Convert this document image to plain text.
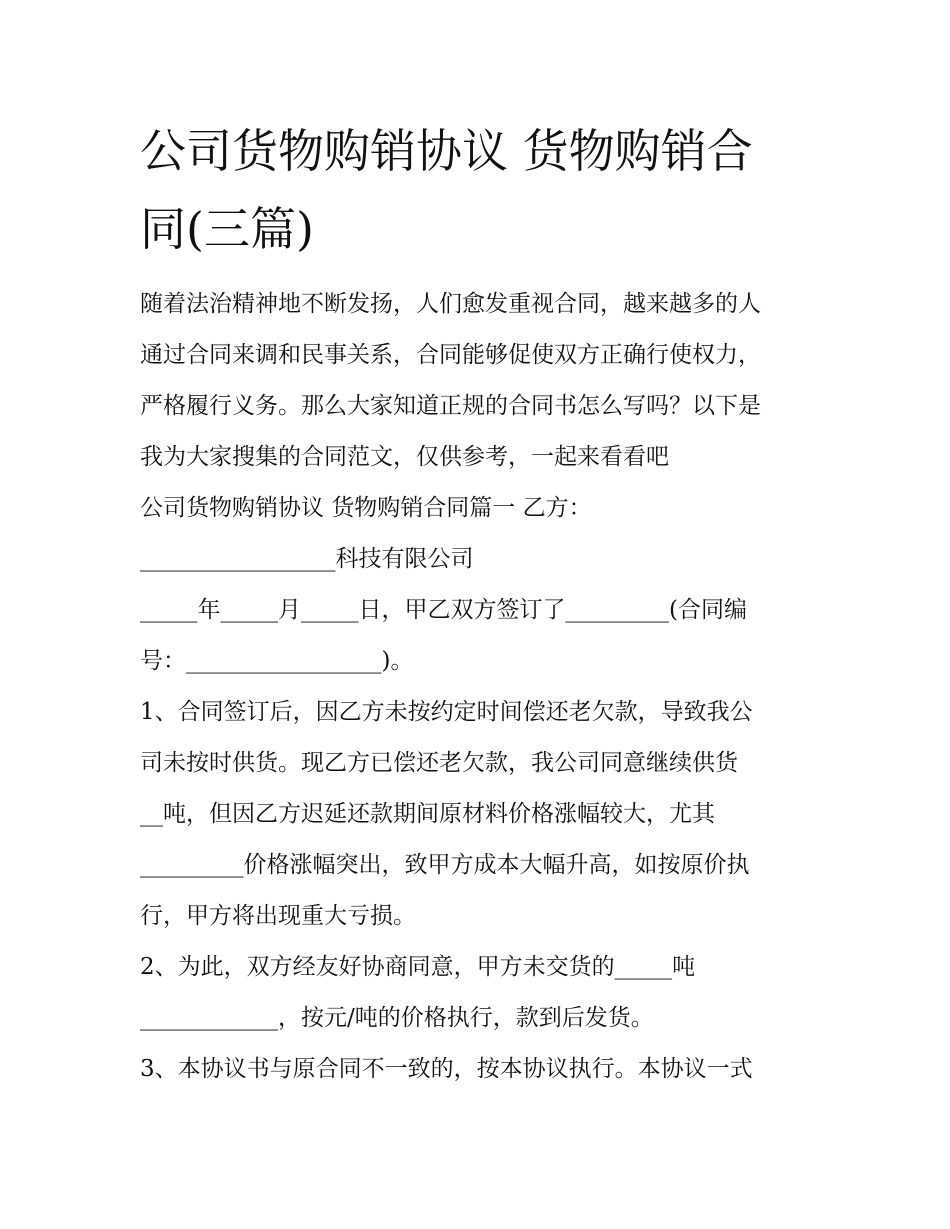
公司货物购销协议 货物购销合
同(三篇)
随着法治精神地不断发扬，人们愈发重视合同，越来越多的人
通过合同来调和民事关系，合同能够促使双方正确行使权力，
严格履行义务。那么大家知道正规的合同书怎么写吗？以下是
我为大家搜集的合同范文，仅供参考，一起来看看吧
公司货物购销协议 货物购销合同篇一 乙方：
_________________科技有限公司
_____年_____月_____日，甲乙双方签订了_________(合同编
号：_________________)。
1、合同签订后，因乙方未按约定时间偿还老欠款，导致我公
司未按时供货。现乙方已偿还老欠款，我公司同意继续供货
__吨，但因乙方迟延还款期间原材料价格涨幅较大，尤其
_________价格涨幅突出，致甲方成本大幅升高，如按原价执
行，甲方将出现重大亏损。
2、为此，双方经友好协商同意，甲方未交货的_____吨
____________，按元/吨的价格执行，款到后发货。
3、本协议书与原合同不一致的，按本协议执行。本协议一式
